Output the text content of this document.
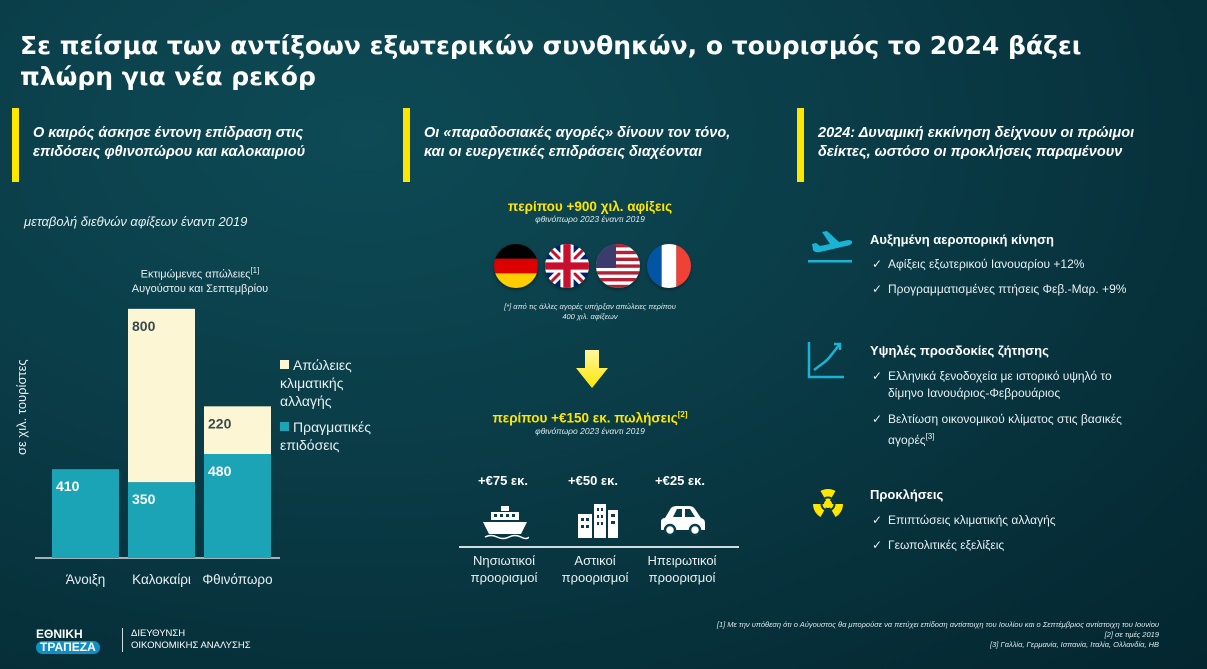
Σε πείσμα των αντίξοων εξωτερικών συνθηκών, ο τουρισμός το 2024 βάζει πλώρη για νέα ρεκόρ
Ο καιρός άσκησε έντονη επίδραση στις
επιδόσεις φθινοπώρου και καλοκαιριού
μεταβολή διεθνών αφίξεων έναντι 2019
Εκτιμώμενες απώλειες[1]
Αυγούστου και Σεπτεμβρίου
σε χιλ. τουρίστες
410
Άνοιξη
350
800
Καλοκαίρι
480
220
Φθινόπωρο
Απώλειες
κλιματικής
αλλαγής
Πραγματικές
επιδόσεις
Οι «παραδοσιακές αγορές» δίνουν τον τόνο,
και οι ευεργετικές επιδράσεις διαχέονται
περίπου +900 χιλ. αφίξεις
φθινόπωρο 2023 έναντι 2019
[*] από τις άλλες αγορές υπήρξαν απώλειες περίπου
400 χιλ. αφίξεων
περίπου +€150 εκ. πωλήσεις[2]
φθινόπωρο 2023 έναντι 2019
+€75 εκ.	+€50 εκ.	+€25 εκ.
Νησιωτικοί
προορισμοί
Αστικοί
προορισμοί
Ηπειρωτικοί
προορισμοί
2024: Δυναμική εκκίνηση δείχνουν οι πρώιμοι
δείκτες, ωστόσο οι προκλήσεις παραμένουν
Αυξημένη αεροπορική κίνηση
✓ Αφίξεις εξωτερικού Ιανουαρίου +12%
✓ Προγραμματισμένες πτήσεις Φεβ.-Μαρ. +9%
Υψηλές προσδοκίες ζήτησης
✓ Ελληνικά ξενοδοχεία με ιστορικό υψηλό το
δίμηνο Ιανουάριος-Φεβρουάριος
✓ Βελτίωση οικονομικού κλίματος στις βασικές
αγορές[3]
Προκλήσεις
✓ Επιπτώσεις κλιματικής αλλαγής
✓ Γεωπολιτικές εξελίξεις
[1] Με την υπόθεση ότι ο Αύγουστος θα μπορούσε να πετύχει επίδοση αντίστοιχη του Ιουλίου και ο Σεπτέμβριος αντίστοιχη του Ιουνίου
[2] σε τιμές 2019
[3] Γαλλία, Γερμανία, Ισπανία, Ιταλία, Ολλανδία, ΗΒ
ΕΘΝΙΚΗ
ΤΡΑΠΕΖΑ
ΔΙΕΥΘΥΝΣΗ
ΟΙΚΟΝΟΜΙΚΗΣ ΑΝΑΛΥΣΗΣ
